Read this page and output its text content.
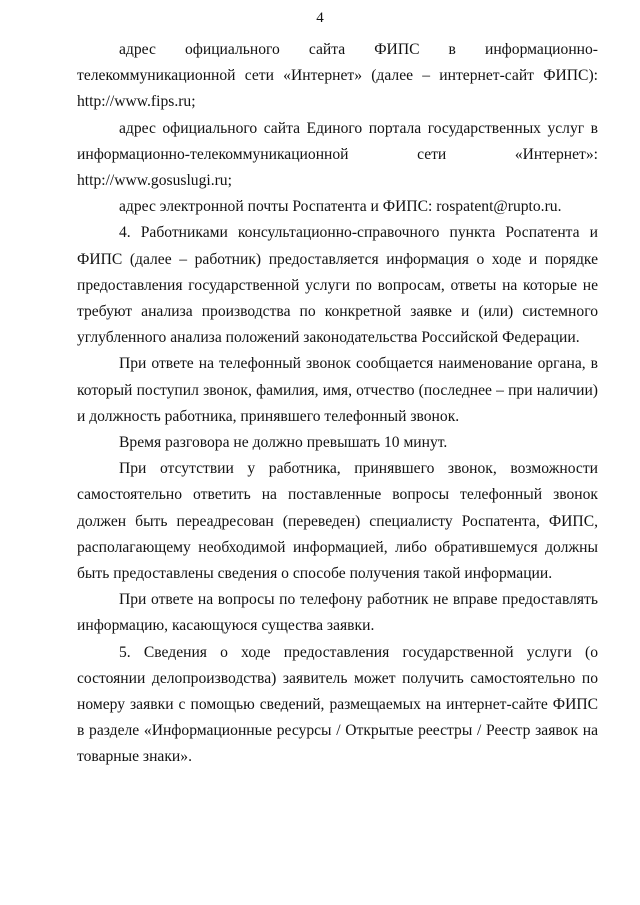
4

адрес официального сайта ФИПС в информационно-телекоммуникационной сети «Интернет» (далее – интернет-сайт ФИПС): http://www.fips.ru;

адрес официального сайта Единого портала государственных услуг в информационно-телекоммуникационной сети «Интернет»: http://www.gosuslugi.ru;

адрес электронной почты Роспатента и ФИПС: rospatent@rupto.ru.

4. Работниками консультационно-справочного пункта Роспатента и ФИПС (далее – работник) предоставляется информация о ходе и порядке предоставления государственной услуги по вопросам, ответы на которые не требуют анализа производства по конкретной заявке и (или) системного углубленного анализа положений законодательства Российской Федерации.

При ответе на телефонный звонок сообщается наименование органа, в который поступил звонок, фамилия, имя, отчество (последнее – при наличии) и должность работника, принявшего телефонный звонок.

Время разговора не должно превышать 10 минут.

При отсутствии у работника, принявшего звонок, возможности самостоятельно ответить на поставленные вопросы телефонный звонок должен быть переадресован (переведен) специалисту Роспатента, ФИПС, располагающему необходимой информацией, либо обратившемуся должны быть предоставлены сведения о способе получения такой информации.

При ответе на вопросы по телефону работник не вправе предоставлять информацию, касающуюся существа заявки.

5. Сведения о ходе предоставления государственной услуги (о состоянии делопроизводства) заявитель может получить самостоятельно по номеру заявки с помощью сведений, размещаемых на интернет-сайте ФИПС в разделе «Информационные ресурсы / Открытые реестры / Реестр заявок на товарные знаки».
